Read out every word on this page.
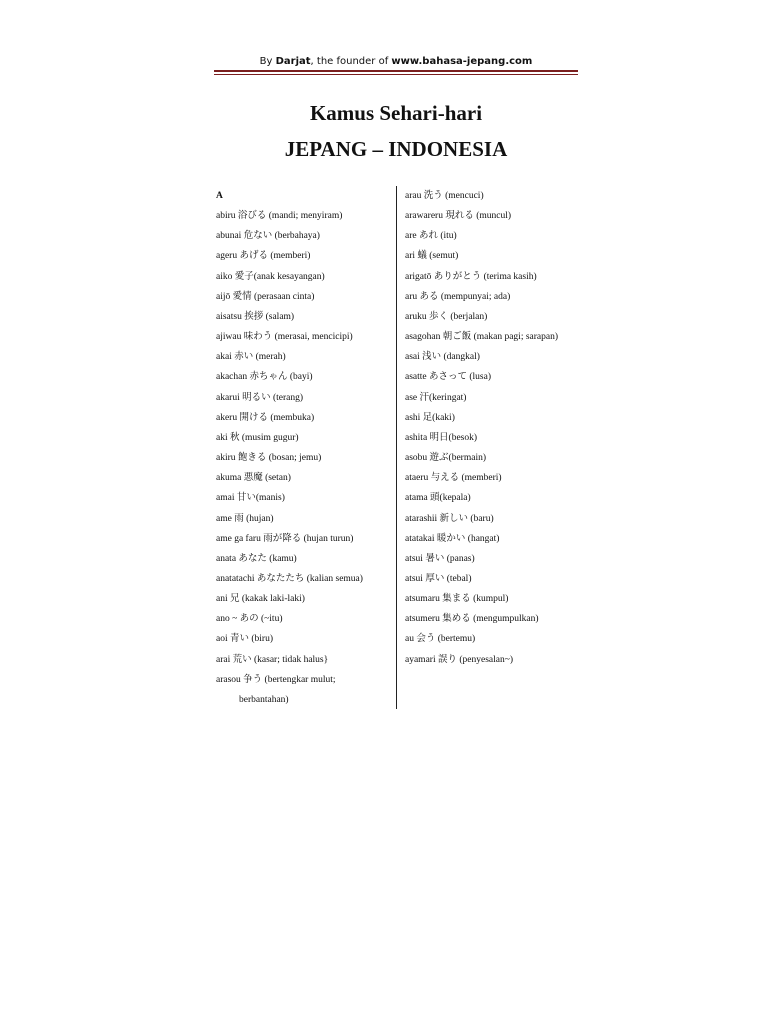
By Darjat, the founder of www.bahasa-jepang.com
Kamus Sehari-hari
JEPANG – INDONESIA
A
abiru 浴びる (mandi; menyiram)
abunai 危ない (berbahaya)
ageru あげる (memberi)
aiko 愛子(anak kesayangan)
aijō 愛情 (perasaan cinta)
aisatsu 挨拶 (salam)
ajiwau 味わう (merasai, mencicipi)
akai 赤い (merah)
akachan 赤ちゃん (bayi)
akarui 明るい (terang)
akeru 開ける (membuka)
aki 秋 (musim gugur)
akiru 飽きる (bosan; jemu)
akuma 悪魔 (setan)
amai 甘い(manis)
ame 雨 (hujan)
ame ga faru 雨が降る (hujan turun)
anata あなた (kamu)
anatatachi あなたたち (kalian semua)
ani 兄 (kakak laki-laki)
ano ~ あの (~itu)
aoi 青い (biru)
arai 荒い (kasar; tidak halus}
arasou 争う (bertengkar mulut;
berbantahan)
arau 洗う (mencuci)
arawareru 現れる (muncul)
are あれ (itu)
ari 蟻 (semut)
arigatō ありがとう (terima kasih)
aru ある (mempunyai; ada)
aruku 歩く (berjalan)
asagohan 朝ご飯 (makan pagi; sarapan)
asai 浅い (dangkal)
asatte あさって (lusa)
ase 汗(keringat)
ashi 足(kaki)
ashita 明日(besok)
asobu 遊ぶ(bermain)
ataeru 与える (memberi)
atama 頭(kepala)
atarashii 新しい (baru)
atatakai 暖かい (hangat)
atsui 暑い (panas)
atsui 厚い (tebal)
atsumaru 集まる (kumpul)
atsumeru 集める (mengumpulkan)
au 会う (bertemu)
ayamari 誤り (penyesalan~)
